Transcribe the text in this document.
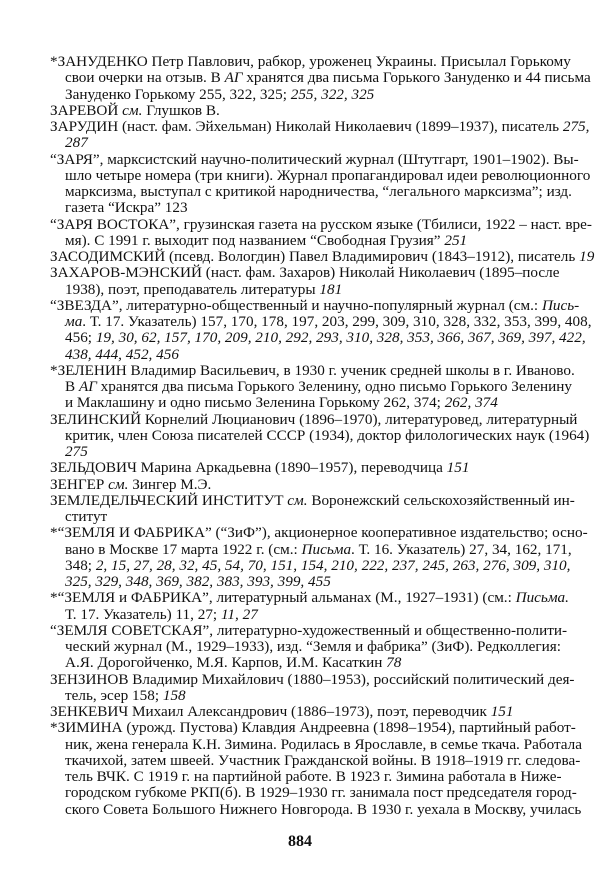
*ЗАНУДЕНКО Петр Павлович, рабкор, уроженец Украины. Присылал Горькому
свои очерки на отзыв. В АГ хранятся два письма Горького Зануденко и 44 письма
Зануденко Горькому 255, 322, 325; 255, 322, 325
ЗАРЕВОЙ см. Глушков В.
ЗАРУДИН (наст. фам. Эйхельман) Николай Николаевич (1899–1937), писатель 275,
287
“ЗАРЯ”, марксистский научно-политический журнал (Штутгарт, 1901–1902). Вы-
шло четыре номера (три книги). Журнал пропагандировал идеи революционного
марксизма, выступал с критикой народничества, “легального марксизма”; изд.
газета “Искра” 123
“ЗАРЯ ВОСТОКА”, грузинская газета на русском языке (Тбилиси, 1922 – наст. вре-
мя). С 1991 г. выходит под названием “Свободная Грузия” 251
ЗАСОДИМСКИЙ (псевд. Вологдин) Павел Владимирович (1843–1912), писатель 19
ЗАХАРОВ-МЭНСКИЙ (наст. фам. Захаров) Николай Николаевич (1895–после
1938), поэт, преподаватель литературы 181
“ЗВЕЗДА”, литературно-общественный и научно-популярный журнал (см.: Пись-
ма. Т. 17. Указатель) 157, 170, 178, 197, 203, 299, 309, 310, 328, 332, 353, 399, 408,
456; 19, 30, 62, 157, 170, 209, 210, 292, 293, 310, 328, 353, 366, 367, 369, 397, 422,
438, 444, 452, 456
*ЗЕЛЕНИН Владимир Васильевич, в 1930 г. ученик средней школы в г. Иваново.
В АГ хранятся два письма Горького Зеленину, одно письмо Горького Зеленину
и Маклашину и одно письмо Зеленина Горькому 262, 374; 262, 374
ЗЕЛИНСКИЙ Корнелий Люцианович (1896–1970), литературовед, литературный
критик, член Союза писателей СССР (1934), доктор филологических наук (1964)
275
ЗЕЛЬДОВИЧ Марина Аркадьевна (1890–1957), переводчица 151
ЗЕНГЕР см. Зингер М.Э.
ЗЕМЛЕДЕЛЬЧЕСКИЙ ИНСТИТУТ см. Воронежский сельскохозяйственный ин-
ститут
*“ЗЕМЛЯ И ФАБРИКА” (“ЗиФ”), акционерное кооперативное издательство; осно-
вано в Москве 17 марта 1922 г. (см.: Письма. Т. 16. Указатель) 27, 34, 162, 171,
348; 2, 15, 27, 28, 32, 45, 54, 70, 151, 154, 210, 222, 237, 245, 263, 276, 309, 310,
325, 329, 348, 369, 382, 383, 393, 399, 455
*“ЗЕМЛЯ и ФАБРИКА”, литературный альманах (М., 1927–1931) (см.: Письма.
Т. 17. Указатель) 11, 27; 11, 27
“ЗЕМЛЯ СОВЕТСКАЯ”, литературно-художественный и общественно-полити-
ческий журнал (М., 1929–1933), изд. “Земля и фабрика” (ЗиФ). Редколлегия:
А.Я. Дорогойченко, М.Я. Карпов, И.М. Касаткин 78
ЗЕНЗИНОВ Владимир Михайлович (1880–1953), российский политический дея-
тель, эсер 158; 158
ЗЕНКЕВИЧ Михаил Александрович (1886–1973), поэт, переводчик 151
*ЗИМИНА (урожд. Пустова) Клавдия Андреевна (1898–1954), партийный работ-
ник, жена генерала К.Н. Зимина. Родилась в Ярославле, в семье ткача. Работала
ткачихой, затем швеей. Участник Гражданской войны. В 1918–1919 гг. следова-
тель ВЧК. С 1919 г. на партийной работе. В 1923 г. Зимина работала в Ниже-
городском губкоме РКП(б). В 1929–1930 гг. занимала пост председателя город-
ского Совета Большого Нижнего Новгорода. В 1930 г. уехала в Москву, училась
884
